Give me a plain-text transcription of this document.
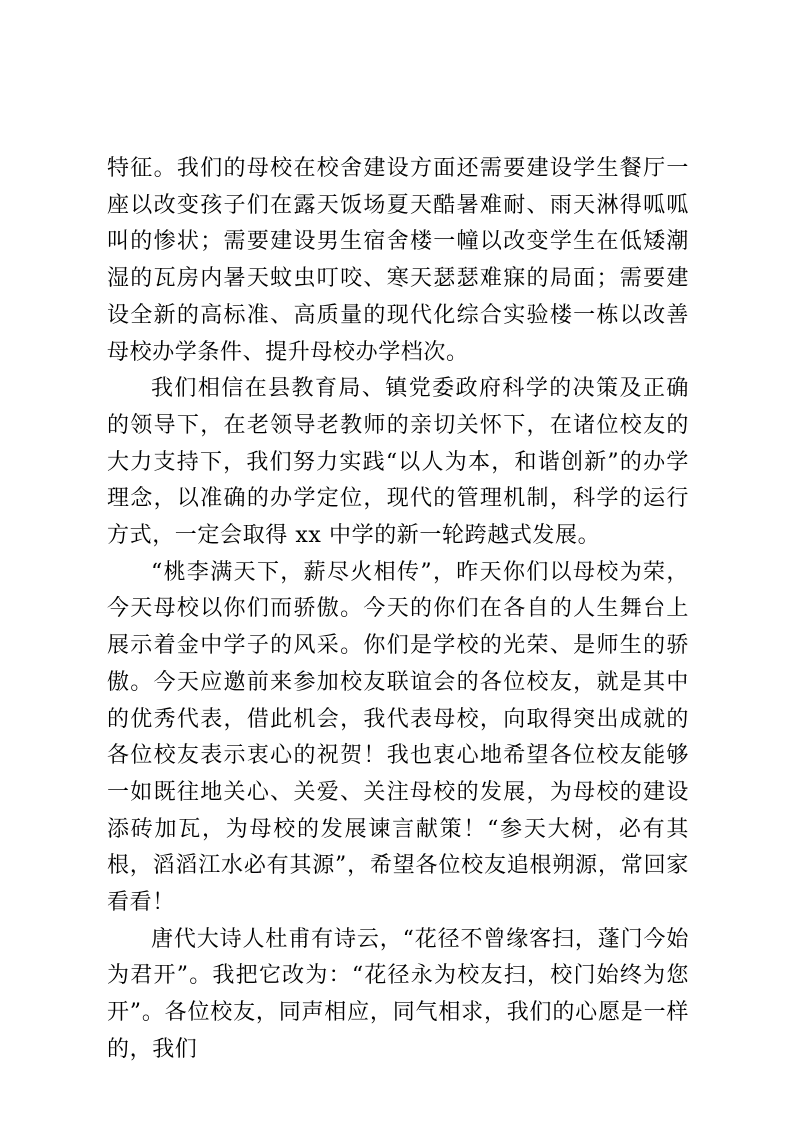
特征。我们的母校在校舍建设方面还需要建设学生餐厅一座以改变孩子们在露天饭场夏天酷暑难耐、雨天淋得呱呱叫的惨状；需要建设男生宿舍楼一幢以改变学生在低矮潮湿的瓦房内暑天蚊虫叮咬、寒天瑟瑟难寐的局面；需要建设全新的高标准、高质量的现代化综合实验楼一栋以改善母校办学条件、提升母校办学档次。

我们相信在县教育局、镇党委政府科学的决策及正确的领导下，在老领导老教师的亲切关怀下，在诸位校友的大力支持下，我们努力实践“以人为本，和谐创新”的办学理念，以准确的办学定位，现代的管理机制，科学的运行方式，一定会取得 xx 中学的新一轮跨越式发展。

“桃李满天下，薪尽火相传”，昨天你们以母校为荣，今天母校以你们而骄傲。今天的你们在各自的人生舞台上展示着金中学子的风采。你们是学校的光荣、是师生的骄傲。今天应邀前来参加校友联谊会的各位校友，就是其中的优秀代表，借此机会，我代表母校，向取得突出成就的各位校友表示衷心的祝贺！我也衷心地希望各位校友能够一如既往地关心、关爱、关注母校的发展，为母校的建设添砖加瓦，为母校的发展谏言献策！“参天大树，必有其根，滔滔江水必有其源”，希望各位校友追根朔源，常回家看看！

唐代大诗人杜甫有诗云，“花径不曾缘客扫，蓬门今始为君开”。我把它改为：“花径永为校友扫，校门始终为您开”。各位校友，同声相应，同气相求，我们的心愿是一样的，我们
